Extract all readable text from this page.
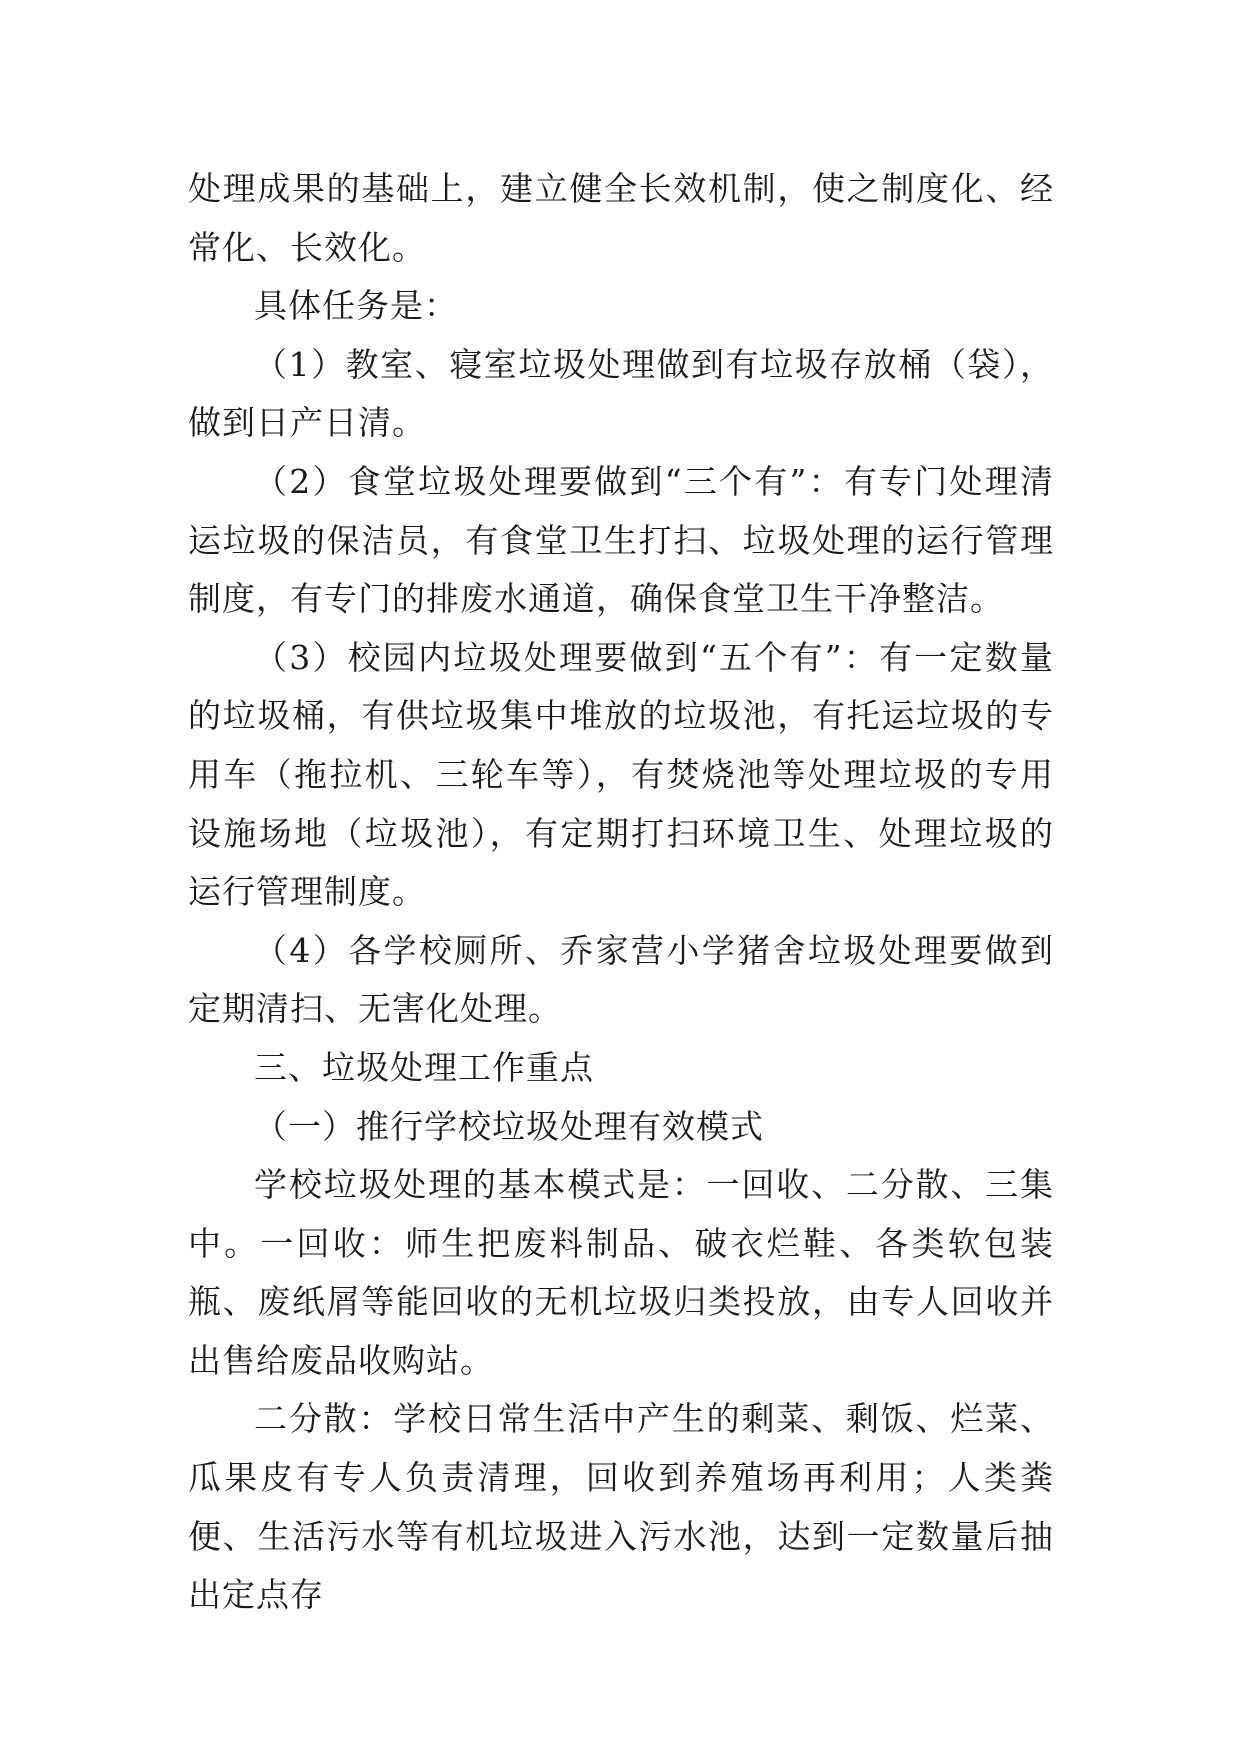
处理成果的基础上，建立健全长效机制，使之制度化、经常化、长效化。

具体任务是：

（1）教室、寝室垃圾处理做到有垃圾存放桶（袋），做到日产日清。

（2）食堂垃圾处理要做到“三个有”：有专门处理清运垃圾的保洁员，有食堂卫生打扫、垃圾处理的运行管理制度，有专门的排废水通道，确保食堂卫生干净整洁。

（3）校园内垃圾处理要做到“五个有”：有一定数量的垃圾桶，有供垃圾集中堆放的垃圾池，有托运垃圾的专用车（拖拉机、三轮车等），有焚烧池等处理垃圾的专用设施场地（垃圾池），有定期打扫环境卫生、处理垃圾的运行管理制度。

（4）各学校厕所、乔家营小学猪舍垃圾处理要做到定期清扫、无害化处理。

三、垃圾处理工作重点

（一）推行学校垃圾处理有效模式

学校垃圾处理的基本模式是：一回收、二分散、三集中。一回收：师生把废料制品、破衣烂鞋、各类软包装瓶、废纸屑等能回收的无机垃圾归类投放，由专人回收并出售给废品收购站。

二分散：学校日常生活中产生的剩菜、剩饭、烂菜、瓜果皮有专人负责清理，回收到养殖场再利用；人类粪便、生活污水等有机垃圾进入污水池，达到一定数量后抽出定点存
